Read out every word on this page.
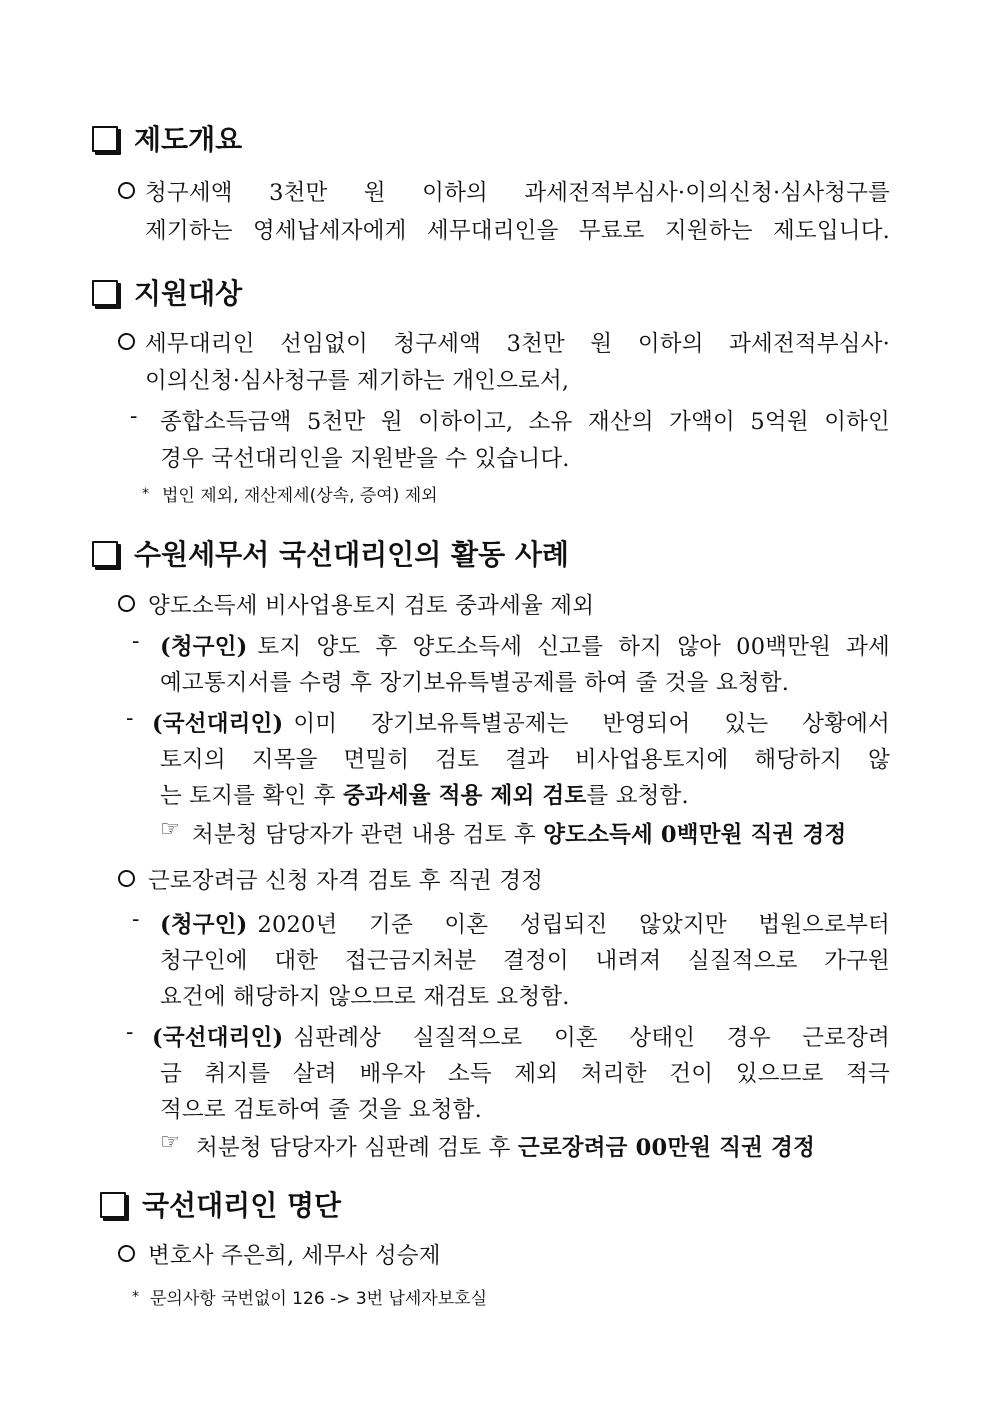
제도개요
청구세액 3천만 원 이하의 과세전적부심사·이의신청·심사청구를
제기하는 영세납세자에게 세무대리인을 무료로 지원하는 제도입니다.
지원대상
세무대리인 선임없이 청구세액 3천만 원 이하의 과세전적부심사·
이의신청·심사청구를 제기하는 개인으로서,
- 종합소득금액 5천만 원 이하이고, 소유 재산의 가액이 5억원 이하인
경우 국선대리인을 지원받을 수 있습니다.
* 법인 제외, 재산제세(상속, 증여) 제외
수원세무서 국선대리인의 활동 사례
양도소득세 비사업용토지 검토 중과세율 제외
- (청구인) 토지 양도 후 양도소득세 신고를 하지 않아 00백만원 과세
예고통지서를 수령 후 장기보유특별공제를 하여 줄 것을 요청함.
- (국선대리인) 이미 장기보유특별공제는 반영되어 있는 상황에서
토지의 지목을 면밀히 검토 결과 비사업용토지에 해당하지 않
는 토지를 확인 후 중과세율 적용 제외 검토를 요청함.
☞ 처분청 담당자가 관련 내용 검토 후 양도소득세 0백만원 직권 경정
근로장려금 신청 자격 검토 후 직권 경정
- (청구인) 2020년 기준 이혼 성립되진 않았지만 법원으로부터
청구인에 대한 접근금지처분 결정이 내려져 실질적으로 가구원
요건에 해당하지 않으므로 재검토 요청함.
- (국선대리인) 심판례상 실질적으로 이혼 상태인 경우 근로장려
금 취지를 살려 배우자 소득 제외 처리한 건이 있으므로 적극
적으로 검토하여 줄 것을 요청함.
☞ 처분청 담당자가 심판례 검토 후 근로장려금 00만원 직권 경정
국선대리인 명단
변호사 주은희, 세무사 성승제
* 문의사항 국번없이 126 -> 3번 납세자보호실
